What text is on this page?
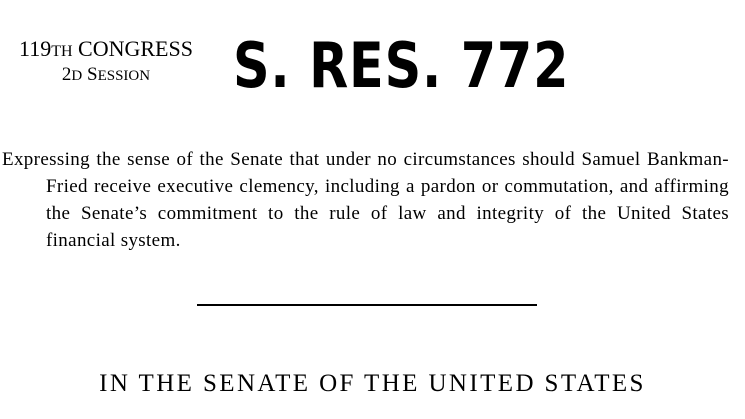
119TH CONGRESS
2D SESSION	S. RES. 772
Expressing the sense of the Senate that under no circumstances should Samuel Bankman-Fried receive executive clemency, including a pardon or commutation, and affirming the Senate’s commitment to the rule of law and integrity of the United States financial system.
IN THE SENATE OF THE UNITED STATES
